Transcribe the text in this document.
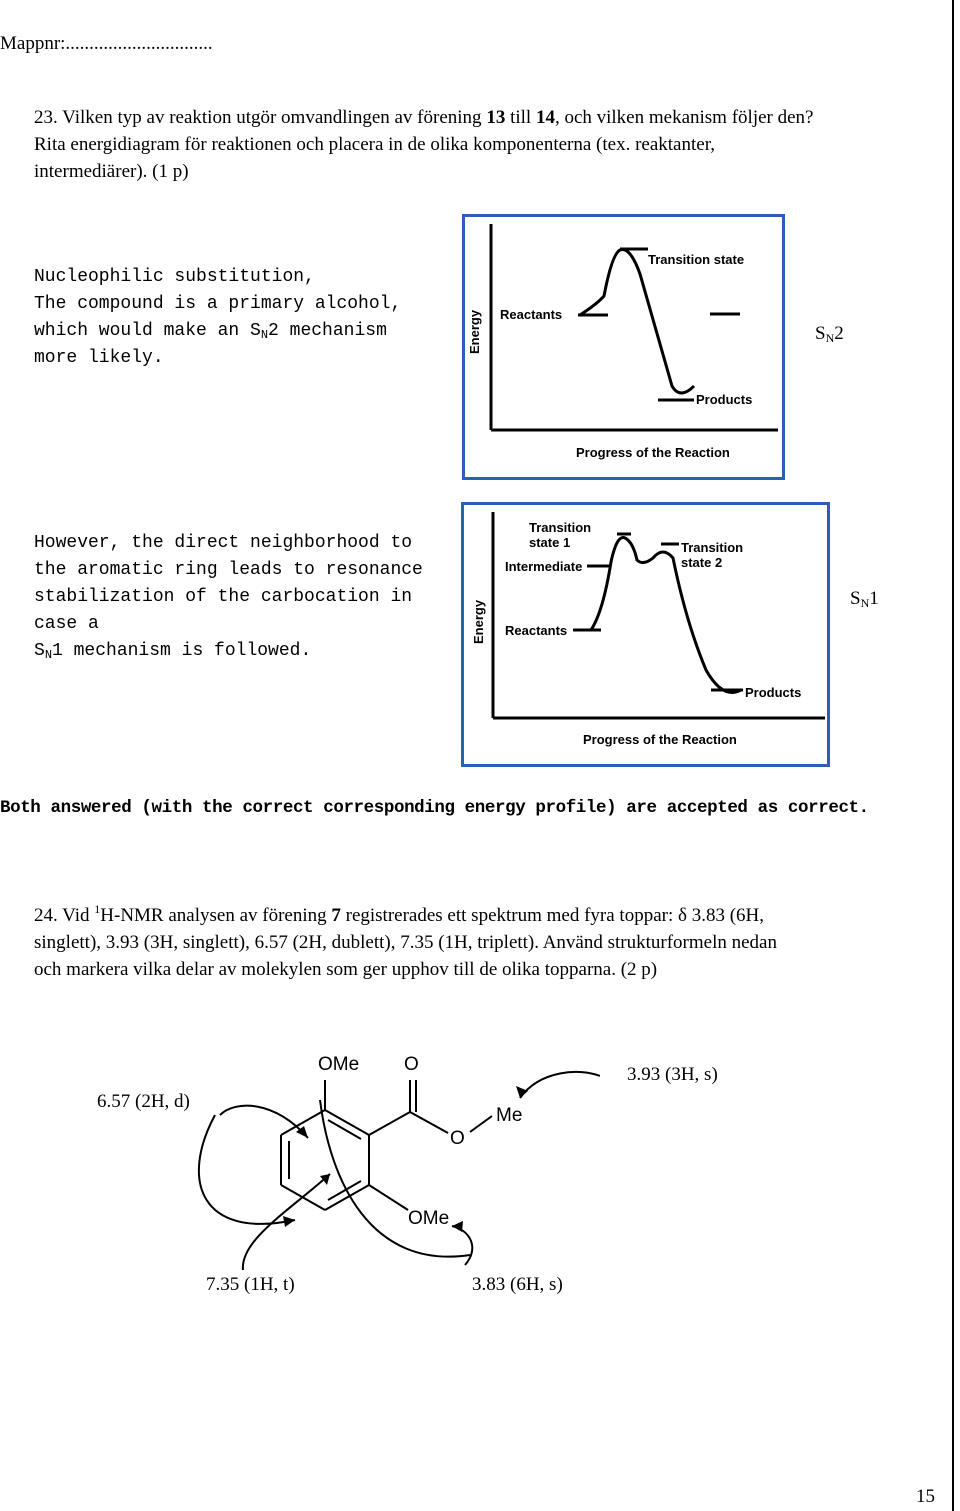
Mappnr:...............................
23. Vilken typ av reaktion utgör omvandlingen av förening 13 till 14, och vilken mekanism följer den?
Rita energidiagram för reaktionen och placera in de olika komponenterna (tex. reaktanter,
intermediärer). (1 p)
Nucleophilic substitution,
The compound is a primary alcohol,
which would make an $S_N2$ mechanism
more likely.
$S_N2$
Energy
Transition state
Reactants
Products
Progress of the Reaction
However, the direct neighborhood to
the aromatic ring leads to resonance
stabilization of the carbocation in case a
$S_N1$ mechanism is followed.
$S_N1$
Energy
Transition
state 1	Transition
state 2
Intermediate
Reactants
Products
Progress of the Reaction
Both answered (with the correct corresponding energy profile) are accepted as correct.
24. Vid $^1$H-NMR analysen av förening 7 registrerades ett spektrum med fyra toppar: δ 3.83 (6H,
singlett), 3.93 (3H, singlett), 6.57 (2H, dublett), 7.35 (1H, triplett). Använd strukturformeln nedan
och markera vilka delar av molekylen som ger upphov till de olika topparna. (2 p)
OMe O
O
Me
OMe
6.57 (2H, d)
3.93 (3H, s)
7.35 (1H, t)	3.83 (6H, s)
15
